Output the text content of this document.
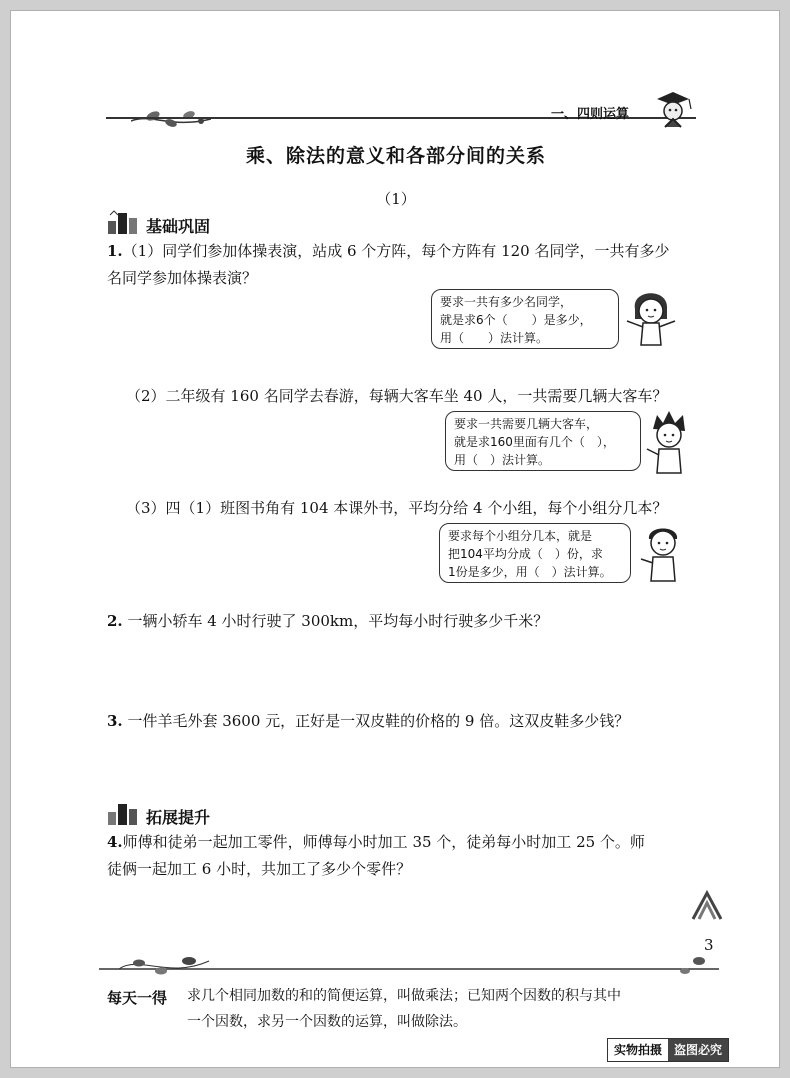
一、四则运算
乘、除法的意义和各部分间的关系
（1）
基础巩固
1.（1）同学们参加体操表演，站成 6 个方阵，每个方阵有 120 名同学，一共有多少
名同学参加体操表演？
要求一共有多少名同学，
就是求6个（　　）是多少，
用（　　）法计算。
（2）二年级有 160 名同学去春游，每辆大客车坐 40 人，一共需要几辆大客车？
要求一共需要几辆大客车，
就是求160里面有几个（　），
用（　）法计算。
（3）四（1）班图书角有 104 本课外书，平均分给 4 个小组，每个小组分几本？
要求每个小组分几本，就是
把104平均分成（　）份，求
1份是多少，用（　）法计算。
2. 一辆小轿车 4 小时行驶了 300km，平均每小时行驶多少千米？
3. 一件羊毛外套 3600 元，正好是一双皮鞋的价格的 9 倍。这双皮鞋多少钱？
拓展提升
4.师傅和徒弟一起加工零件，师傅每小时加工 35 个，徒弟每小时加工 25 个。师
徒俩一起加工 6 小时，共加工了多少个零件？
3
每天一得 求几个相同加数的和的简便运算，叫做乘法；已知两个因数的积与其中
一个因数，求另一个因数的运算，叫做除法。
实物拍摄	盗图必究
